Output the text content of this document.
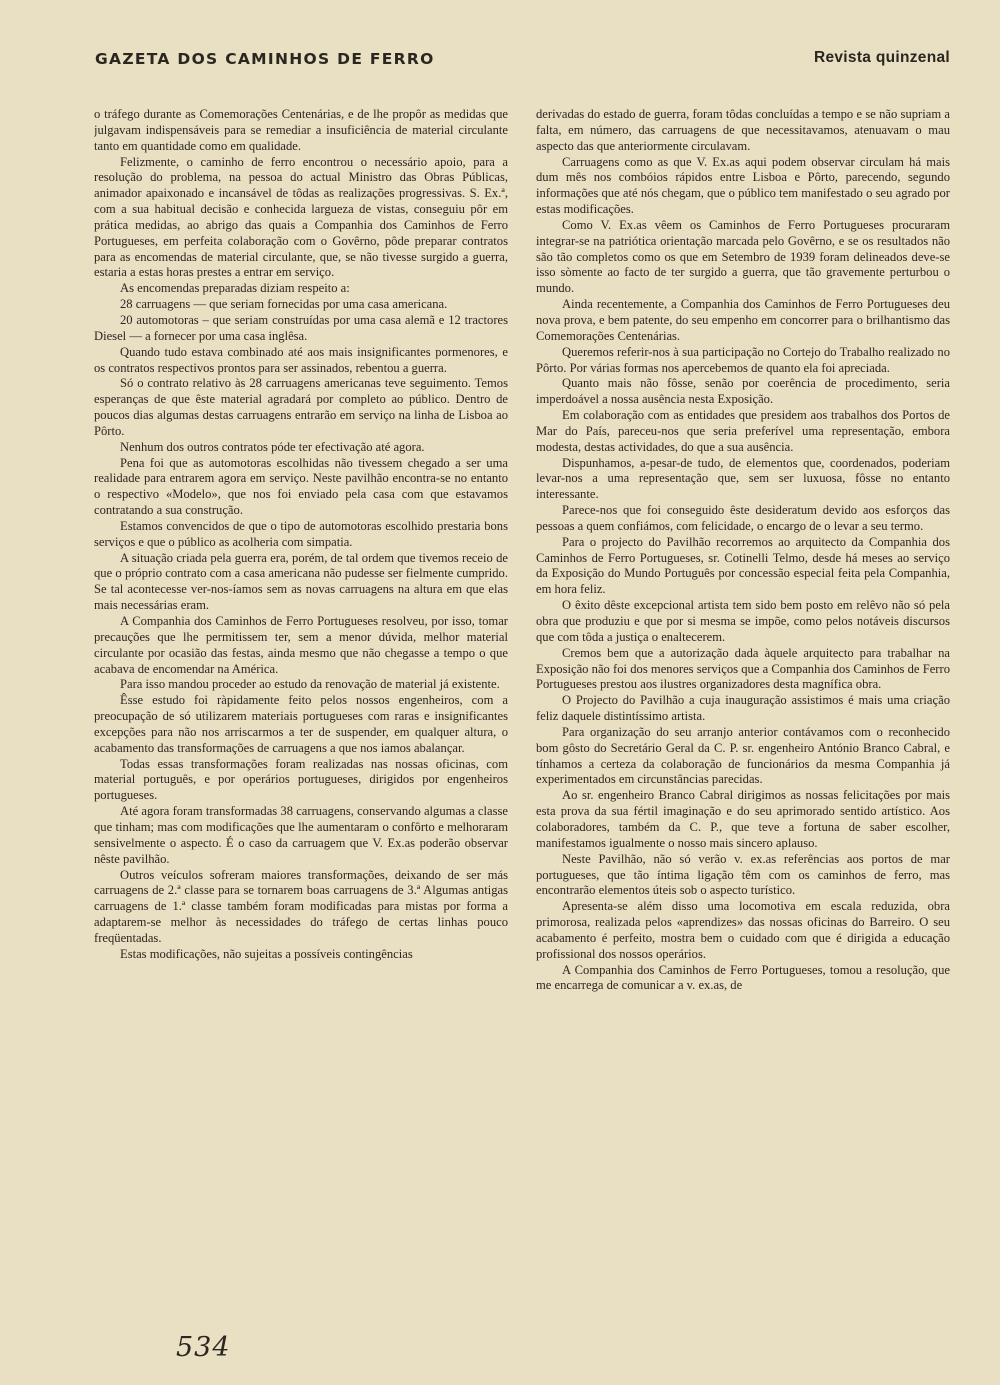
GAZETA DOS CAMINHOS DE FERRO	Revista quinzenal

o tráfego durante as Comemorações Centenárias, e de lhe propôr as medidas que julgavam indispensáveis para se remediar a insuficiência de material circulante tanto em quantidade como em qualidade.

Felizmente, o caminho de ferro encontrou o necessário apoio, para a resolução do problema, na pessoa do actual Ministro das Obras Públicas, animador apaixonado e incansável de tôdas as realizações progressivas. S. Ex.ª, com a sua habitual decisão e conhecida largueza de vistas, conseguiu pôr em prática medidas, ao abrigo das quais a Companhia dos Caminhos de Ferro Portugueses, em perfeita colaboração com o Govêrno, pôde preparar contratos para as encomendas de material circulante, que, se não tivesse surgido a guerra, estaria a estas horas prestes a entrar em serviço.

As encomendas preparadas diziam respeito a:

28 carruagens — que seriam fornecidas por uma casa americana.

20 automotoras – que seriam construídas por uma casa alemã e 12 tractores Diesel — a fornecer por uma casa inglêsa.

Quando tudo estava combinado até aos mais insignificantes pormenores, e os contratos respectivos prontos para ser assinados, rebentou a guerra.

Só o contrato relativo às 28 carruagens americanas teve seguimento. Temos esperanças de que êste material agradará por completo ao público. Dentro de poucos dias algumas destas carruagens entrarão em serviço na linha de Lisboa ao Pôrto.

Nenhum dos outros contratos póde ter efectivação até agora.

Pena foi que as automotoras escolhidas não tivessem chegado a ser uma realidade para entrarem agora em serviço. Neste pavilhão encontra-se no entanto o respectivo «Modelo», que nos foi enviado pela casa com que estavamos contratando a sua construção.

Estamos convencidos de que o tipo de automotoras escolhido prestaria bons serviços e que o público as acolheria com simpatia.

A situação criada pela guerra era, porém, de tal ordem que tivemos receio de que o próprio contrato com a casa americana não pudesse ser fielmente cumprido. Se tal acontecesse ver-nos-íamos sem as novas carruagens na altura em que elas mais necessárias eram.

A Companhia dos Caminhos de Ferro Portugueses resolveu, por isso, tomar precauções que lhe permitissem ter, sem a menor dúvida, melhor material circulante por ocasião das festas, ainda mesmo que não chegasse a tempo o que acabava de encomendar na América.

Para isso mandou proceder ao estudo da renovação de material já existente.

Êsse estudo foi ràpidamente feito pelos nossos engenheiros, com a preocupação de só utilizarem materiais portugueses com raras e insignificantes excepções para não nos arriscarmos a ter de suspender, em qualquer altura, o acabamento das transformações de carruagens a que nos iamos abalançar.

Todas essas transformações foram realizadas nas nossas oficinas, com material português, e por operários portugueses, dirigidos por engenheiros portugueses.

Até agora foram transformadas 38 carruagens, conservando algumas a classe que tinham; mas com modificações que lhe aumentaram o confôrto e melhoraram sensivelmente o aspecto. É o caso da carruagem que V. Ex.as poderão observar nêste pavilhão.

Outros veículos sofreram maiores transformações, deixando de ser más carruagens de 2.ª classe para se tornarem boas carruagens de 3.ª Algumas antigas carruagens de 1.ª classe também foram modificadas para mistas por forma a adaptarem-se melhor às necessidades do tráfego de certas linhas pouco freqüentadas.

Estas modificações, não sujeitas a possíveis contingências

derivadas do estado de guerra, foram tôdas concluídas a tempo e se não supriam a falta, em número, das carruagens de que necessitavamos, atenuavam o mau aspecto das que anteriormente circulavam.

Carruagens como as que V. Ex.as aqui podem observar circulam há mais dum mês nos combóios rápidos entre Lisboa e Pôrto, parecendo, segundo informações que até nós chegam, que o público tem manifestado o seu agrado por estas modificações.

Como V. Ex.as vêem os Caminhos de Ferro Portugueses procuraram integrar-se na patriótica orientação marcada pelo Govêrno, e se os resultados não são tão completos como os que em Setembro de 1939 foram delineados deve-se isso sòmente ao facto de ter surgido a guerra, que tão gravemente perturbou o mundo.

Ainda recentemente, a Companhia dos Caminhos de Ferro Portugueses deu nova prova, e bem patente, do seu empenho em concorrer para o brilhantismo das Comemorações Centenárias.

Queremos referir-nos à sua participação no Cortejo do Trabalho realizado no Pôrto. Por várias formas nos apercebemos de quanto ela foi apreciada.

Quanto mais não fôsse, senão por coerência de procedimento, seria imperdoável a nossa ausência nesta Exposição.

Em colaboração com as entidades que presidem aos trabalhos dos Portos de Mar do País, pareceu-nos que seria preferível uma representação, embora modesta, destas actividades, do que a sua ausência.

Dispunhamos, a-pesar-de tudo, de elementos que, coordenados, poderiam levar-nos a uma representação que, sem ser luxuosa, fôsse no entanto interessante.

Parece-nos que foi conseguido êste desideratum devido aos esforços das pessoas a quem confiámos, com felicidade, o encargo de o levar a seu termo.

Para o projecto do Pavilhão recorremos ao arquitecto da Companhia dos Caminhos de Ferro Portugueses, sr. Cotinelli Telmo, desde há meses ao serviço da Exposição do Mundo Português por concessão especial feita pela Companhia, em hora feliz.

O êxito dêste excepcional artista tem sido bem posto em relêvo não só pela obra que produziu e que por si mesma se impõe, como pelos notáveis discursos que com tôda a justiça o enaltecerem.

Cremos bem que a autorização dada àquele arquitecto para trabalhar na Exposição não foi dos menores serviços que a Companhia dos Caminhos de Ferro Portugueses prestou aos ilustres organizadores desta magnífica obra.

O Projecto do Pavilhão a cuja inauguração assistimos é mais uma criação feliz daquele distintíssimo artista.

Para organização do seu arranjo anterior contávamos com o reconhecido bom gôsto do Secretário Geral da C. P. sr. engenheiro António Branco Cabral, e tínhamos a certeza da colaboração de funcionários da mesma Companhia já experimentados em circunstâncias parecidas.

Ao sr. engenheiro Branco Cabral dirigimos as nossas felicitações por mais esta prova da sua fértil imaginação e do seu aprimorado sentido artístico. Aos colaboradores, também da C. P., que teve a fortuna de saber escolher, manifestamos igualmente o nosso mais sincero aplauso.

Neste Pavilhão, não só verão v. ex.as referências aos portos de mar portugueses, que tão íntima ligação têm com os caminhos de ferro, mas encontrarão elementos úteis sob o aspecto turístico.

Apresenta-se além disso uma locomotiva em escala reduzida, obra primorosa, realizada pelos «aprendizes» das nossas oficinas do Barreiro. O seu acabamento é perfeito, mostra bem o cuidado com que é dirigida a educação profissional dos nossos operários.

A Companhia dos Caminhos de Ferro Portugueses, tomou a resolução, que me encarrega de comunicar a v. ex.as, de

534
